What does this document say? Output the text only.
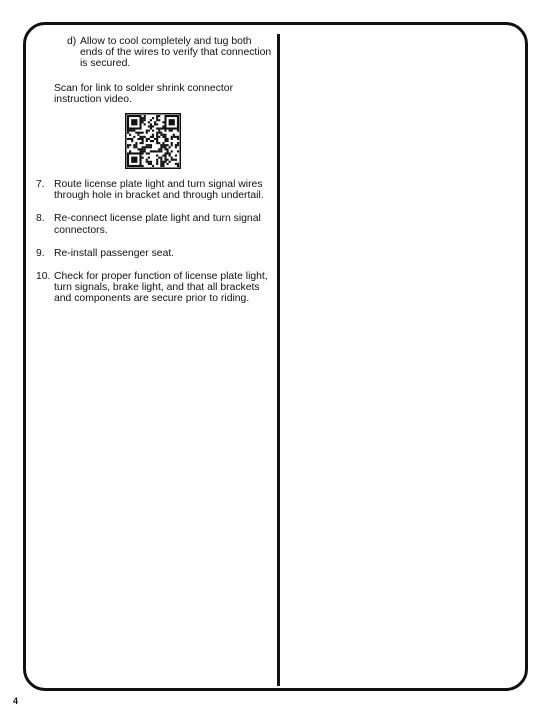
d) Allow to cool completely and tug both ends of the wires to verify that connection is secured.
Scan for link to solder shrink connector instruction video.
7. Route license plate light and turn signal wires through hole in bracket and through undertail.
8. Re-connect license plate light and turn signal connectors.
9. Re-install passenger seat.
10. Check for proper function of license plate light, turn signals, brake light, and that all brackets and components are secure prior to riding.
4
